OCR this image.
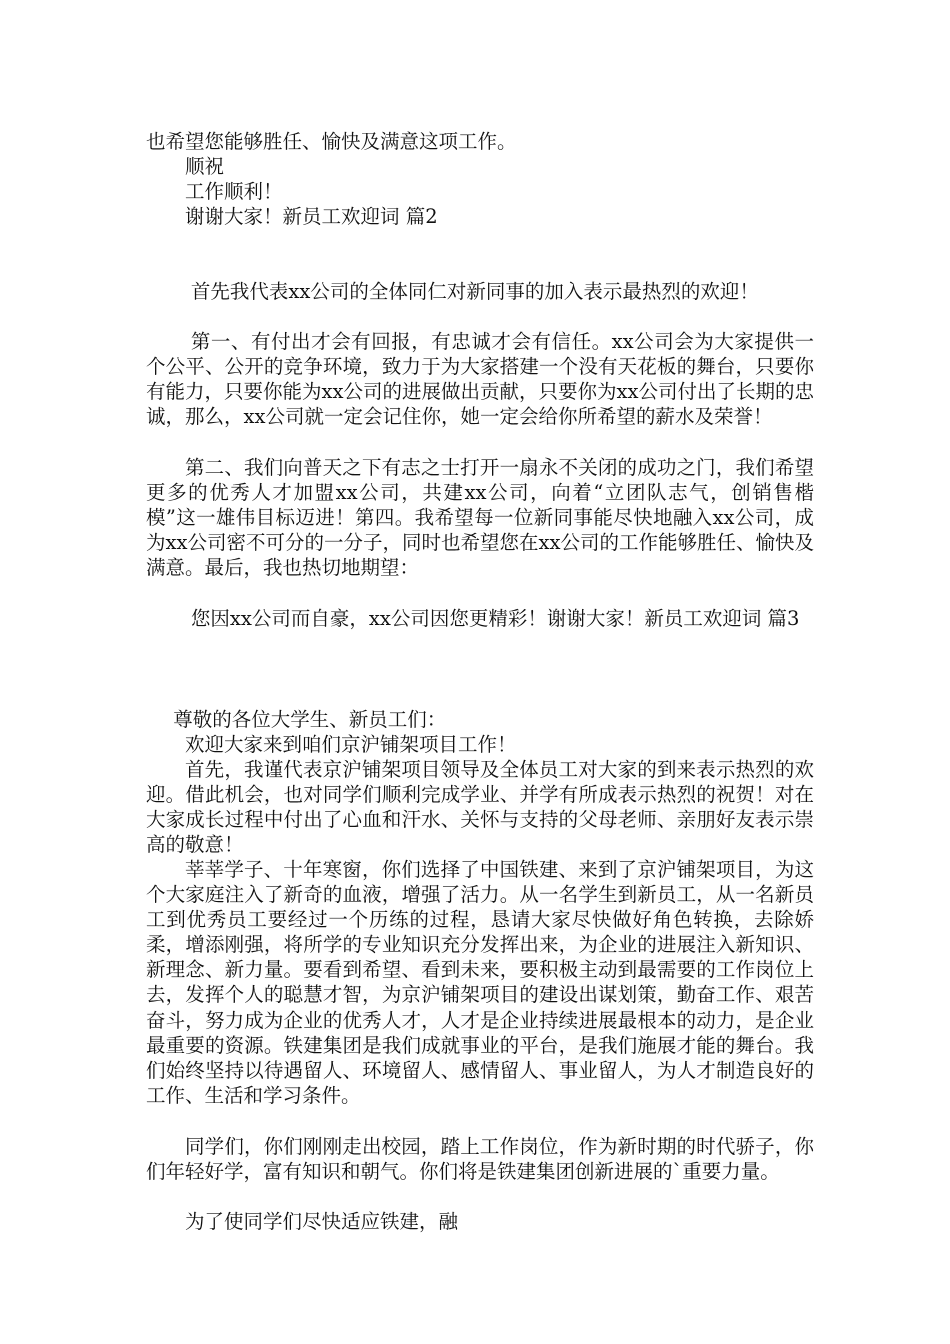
也希望您能够胜任、愉快及满意这项工作。

顺祝

工作顺利！

谢谢大家！新员工欢迎词 篇2

首先我代表xx公司的全体同仁对新同事的加入表示最热烈的欢迎！

第一、有付出才会有回报，有忠诚才会有信任。xx公司会为大家提供一个公平、公开的竞争环境，致力于为大家搭建一个没有天花板的舞台，只要你有能力，只要你能为xx公司的进展做出贡献，只要你为xx公司付出了长期的忠诚，那么，xx公司就一定会记住你，她一定会给你所希望的薪水及荣誉！

第二、我们向普天之下有志之士打开一扇永不关闭的成功之门，我们希望更多的优秀人才加盟xx公司，共建xx公司，向着“立团队志气，创销售楷模”这一雄伟目标迈进！第四。我希望每一位新同事能尽快地融入xx公司，成为xx公司密不可分的一分子，同时也希望您在xx公司的工作能够胜任、愉快及满意。最后，我也热切地期望：

您因xx公司而自豪，xx公司因您更精彩！谢谢大家！新员工欢迎词 篇3

尊敬的各位大学生、新员工们：

欢迎大家来到咱们京沪铺架项目工作！

首先，我谨代表京沪铺架项目领导及全体员工对大家的到来表示热烈的欢迎。借此机会，也对同学们顺利完成学业、并学有所成表示热烈的祝贺！对在大家成长过程中付出了心血和汗水、关怀与支持的父母老师、亲朋好友表示崇高的敬意！

莘莘学子、十年寒窗，你们选择了中国铁建、来到了京沪铺架项目，为这个大家庭注入了新奇的血液，增强了活力。从一名学生到新员工，从一名新员工到优秀员工要经过一个历练的过程，恳请大家尽快做好角色转换，去除娇柔，增添刚强，将所学的专业知识充分发挥出来，为企业的进展注入新知识、新理念、新力量。要看到希望、看到未来，要积极主动到最需要的工作岗位上去，发挥个人的聪慧才智，为京沪铺架项目的建设出谋划策，勤奋工作、艰苦奋斗，努力成为企业的优秀人才，人才是企业持续进展最根本的动力，是企业最重要的资源。铁建集团是我们成就事业的平台，是我们施展才能的舞台。我们始终坚持以待遇留人、环境留人、感情留人、事业留人，为人才制造良好的工作、生活和学习条件。

同学们，你们刚刚走出校园，踏上工作岗位，作为新时期的时代骄子，你们年轻好学，富有知识和朝气。你们将是铁建集团创新进展的`重要力量。

为了使同学们尽快适应铁建，融
